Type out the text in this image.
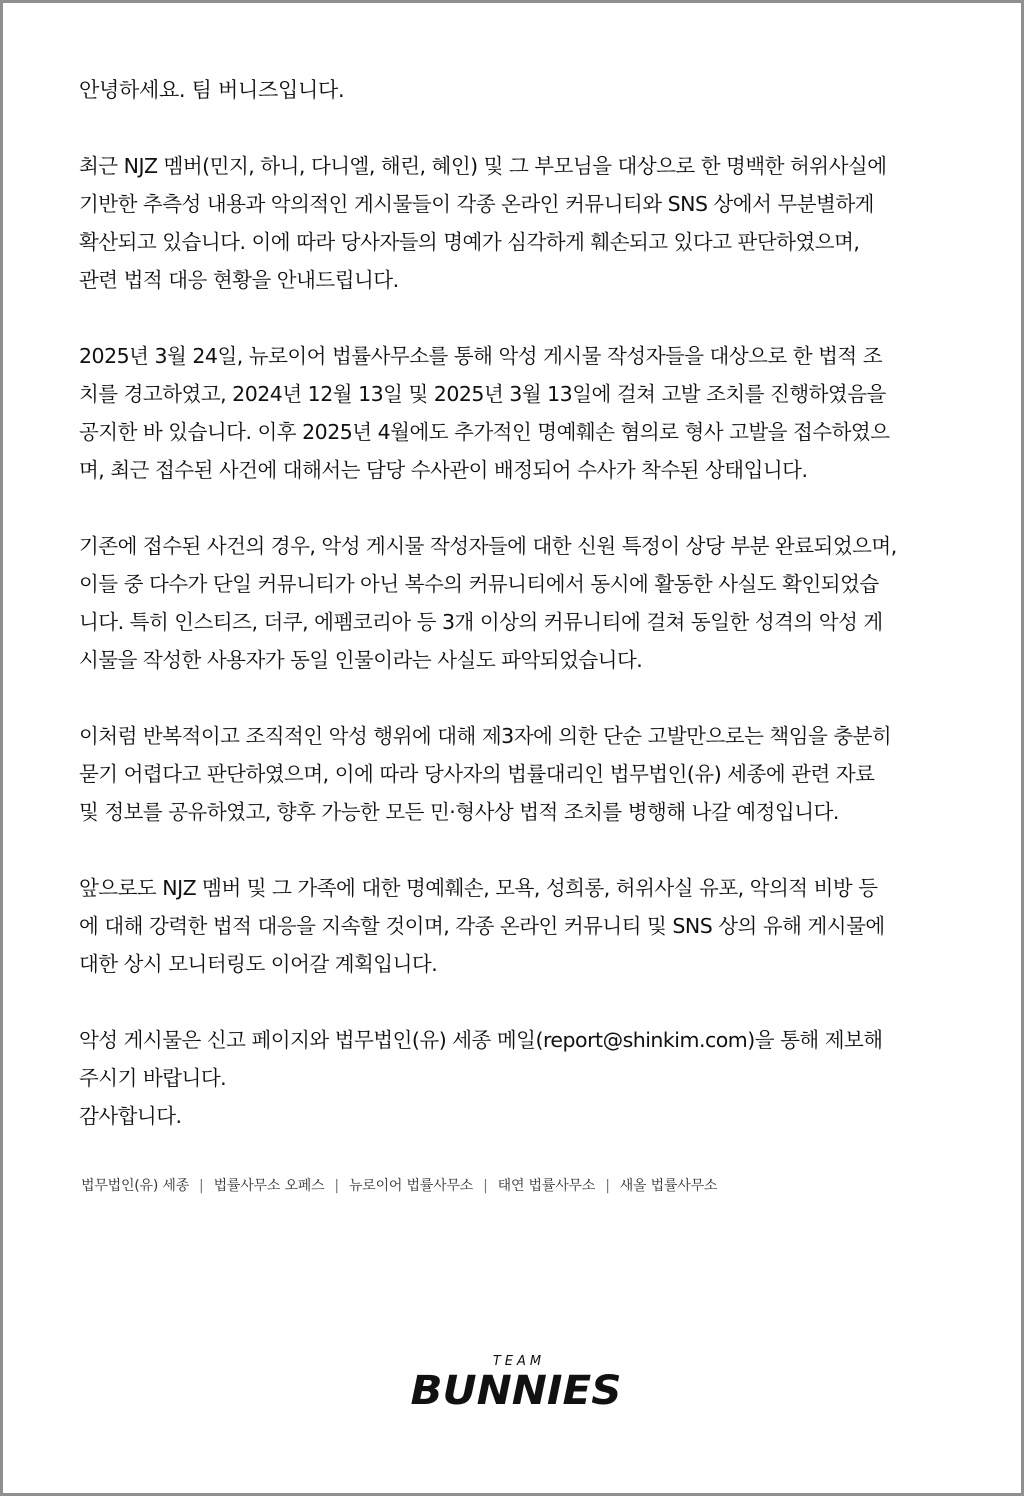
안녕하세요. 팀 버니즈입니다.

최근 NJZ 멤버(민지, 하니, 다니엘, 해린, 혜인) 및 그 부모님을 대상으로 한 명백한 허위사실에
기반한 추측성 내용과 악의적인 게시물들이 각종 온라인 커뮤니티와 SNS 상에서 무분별하게
확산되고 있습니다. 이에 따라 당사자들의 명예가 심각하게 훼손되고 있다고 판단하였으며,
관련 법적 대응 현황을 안내드립니다.
2025년 3월 24일, 뉴로이어 법률사무소를 통해 악성 게시물 작성자들을 대상으로 한 법적 조
치를 경고하였고, 2024년 12월 13일 및 2025년 3월 13일에 걸쳐 고발 조치를 진행하였음을
공지한 바 있습니다. 이후 2025년 4월에도 추가적인 명예훼손 혐의로 형사 고발을 접수하였으
며, 최근 접수된 사건에 대해서는 담당 수사관이 배정되어 수사가 착수된 상태입니다.
기존에 접수된 사건의 경우, 악성 게시물 작성자들에 대한 신원 특정이 상당 부분 완료되었으며,
이들 중 다수가 단일 커뮤니티가 아닌 복수의 커뮤니티에서 동시에 활동한 사실도 확인되었습
니다. 특히 인스티즈, 더쿠, 에펨코리아 등 3개 이상의 커뮤니티에 걸쳐 동일한 성격의 악성 게
시물을 작성한 사용자가 동일 인물이라는 사실도 파악되었습니다.
이처럼 반복적이고 조직적인 악성 행위에 대해 제3자에 의한 단순 고발만으로는 책임을 충분히
묻기 어렵다고 판단하였으며, 이에 따라 당사자의 법률대리인 법무법인(유) 세종에 관련 자료
및 정보를 공유하였고, 향후 가능한 모든 민·형사상 법적 조치를 병행해 나갈 예정입니다.
앞으로도 NJZ 멤버 및 그 가족에 대한 명예훼손, 모욕, 성희롱, 허위사실 유포, 악의적 비방 등
에 대해 강력한 법적 대응을 지속할 것이며, 각종 온라인 커뮤니티 및 SNS 상의 유해 게시물에
대한 상시 모니터링도 이어갈 계획입니다.
악성 게시물은 신고 페이지와 법무법인(유) 세종 메일(report@shinkim.com)을 통해 제보해
주시기 바랍니다.
감사합니다.
법무법인(유) 세종 | 법률사무소 오페스 | 뉴로이어 법률사무소 | 태연 법률사무소 | 새올 법률사무소
TEAM
BUNNIES
